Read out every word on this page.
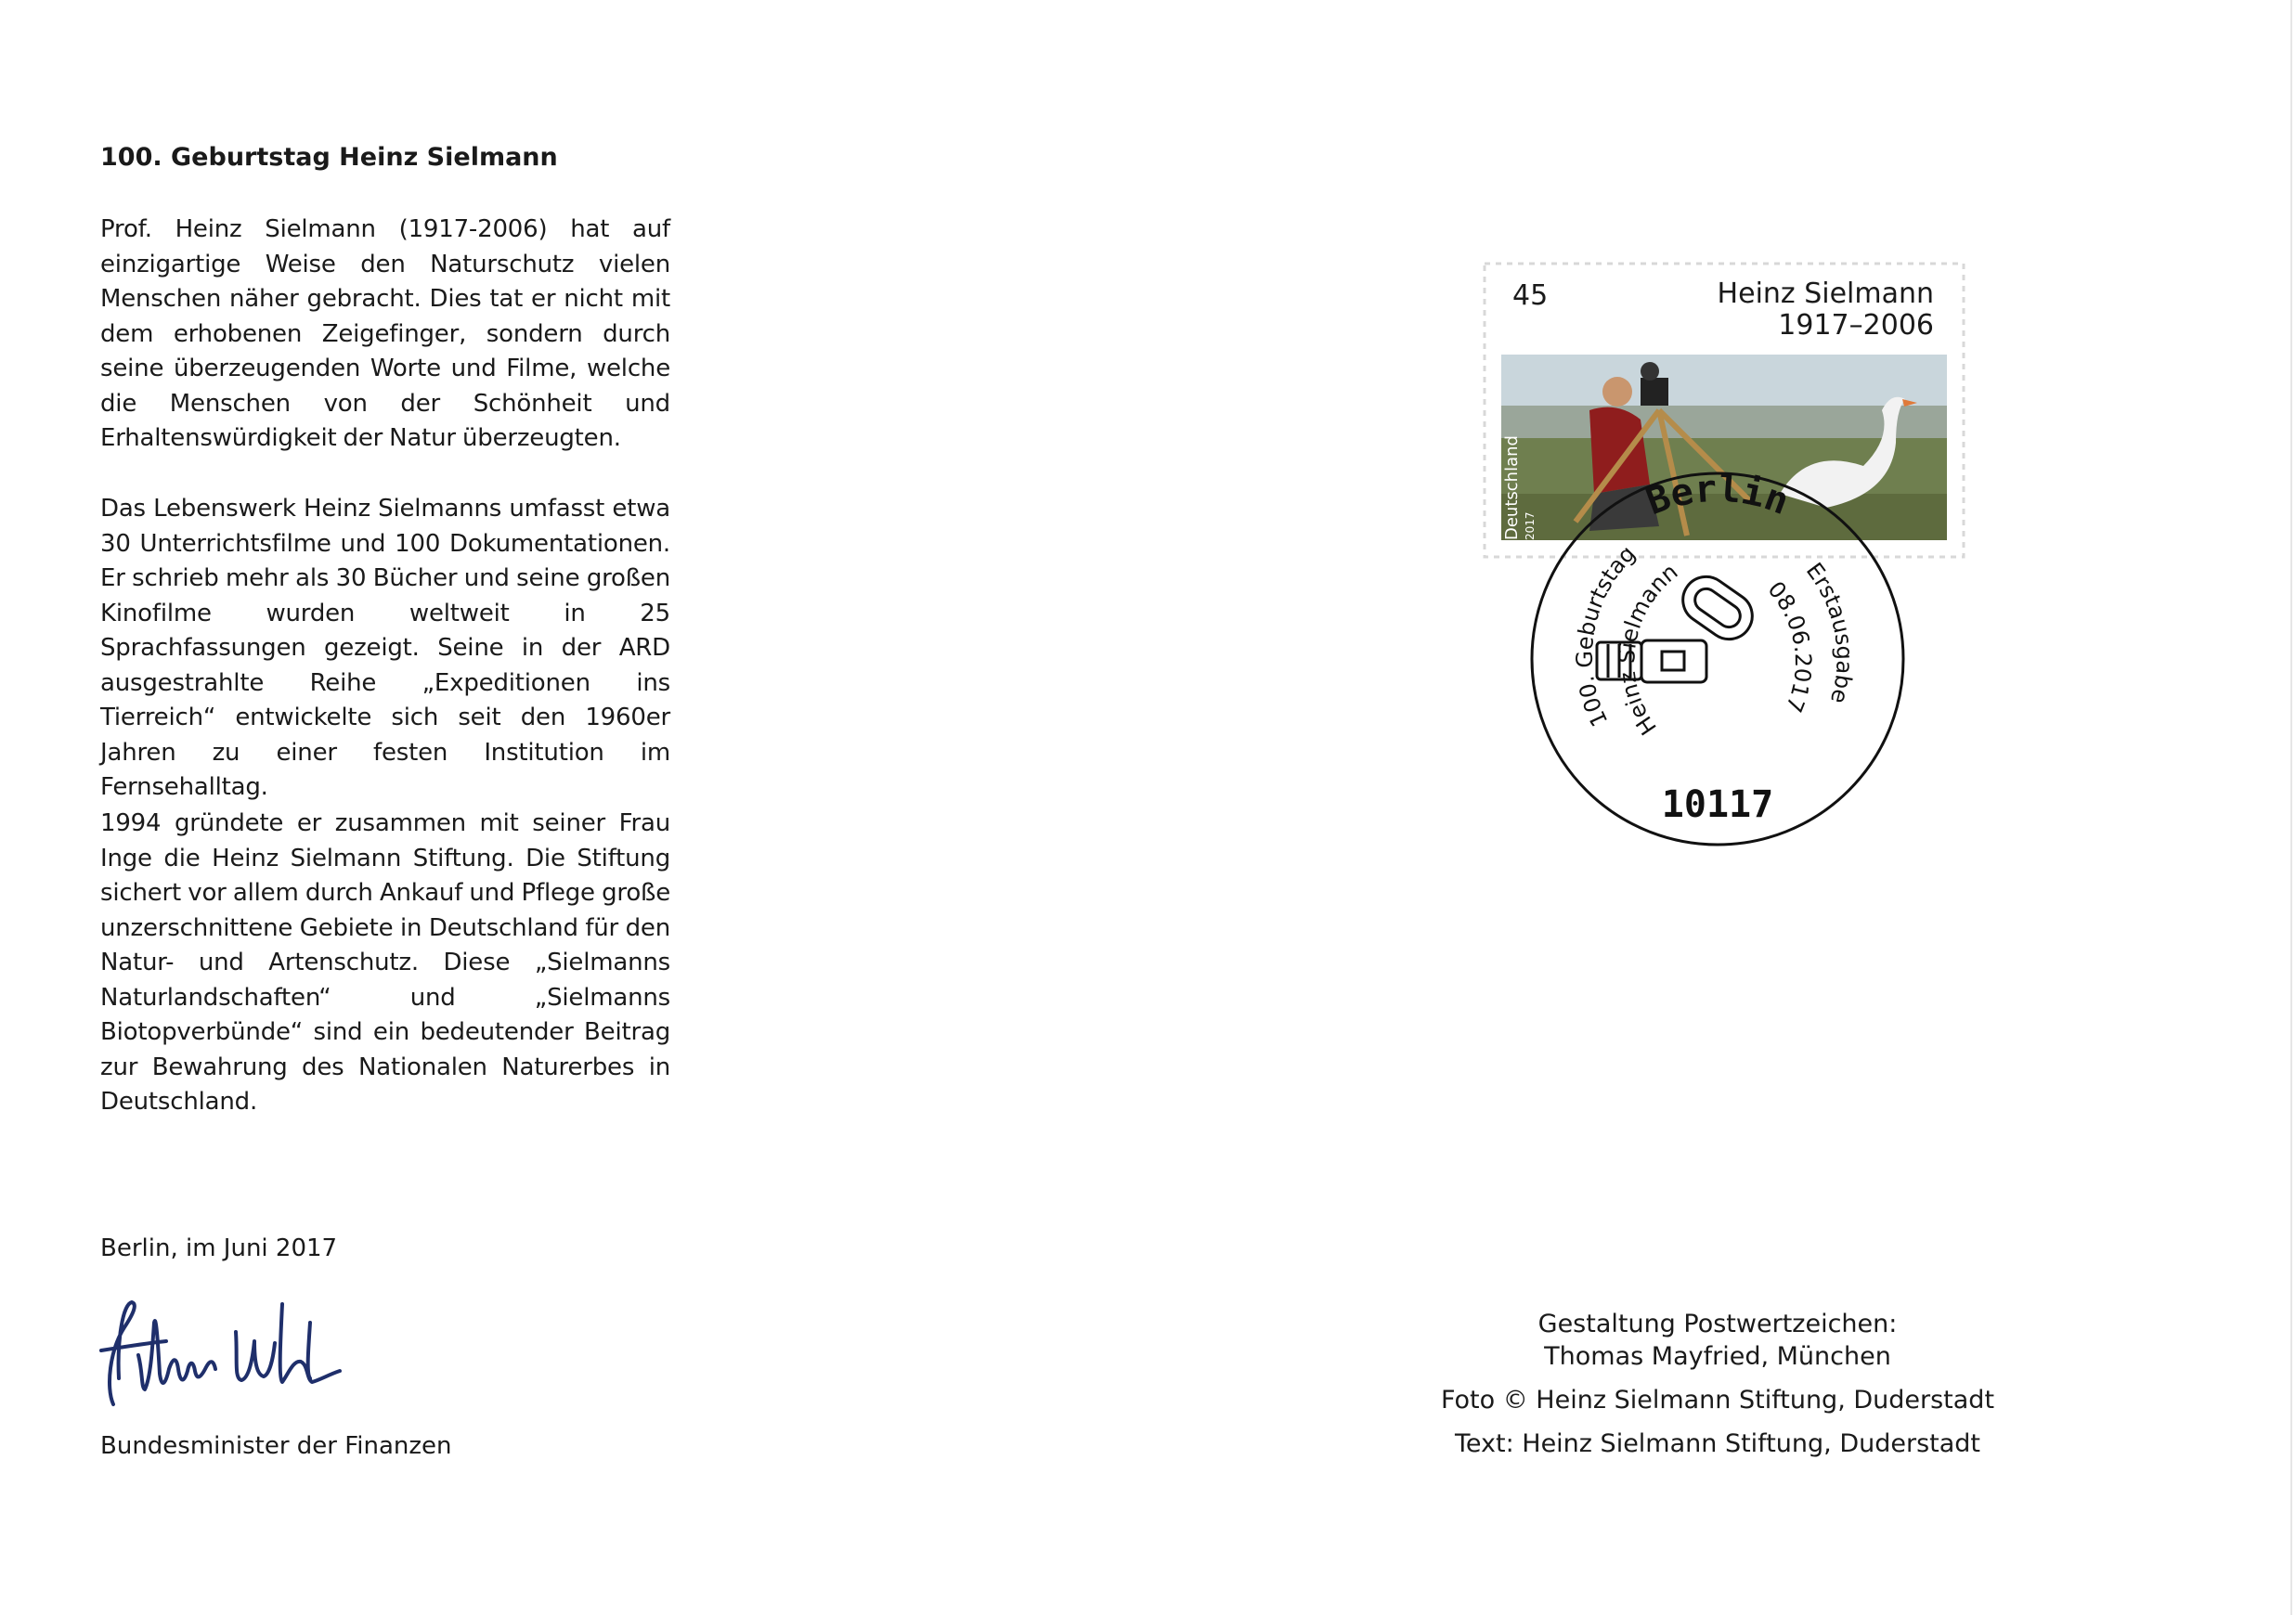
100. Geburtstag Heinz Sielmann
Prof. Heinz Sielmann (1917-2006) hat auf einzigartige Weise den Naturschutz vielen Menschen näher gebracht. Dies tat er nicht mit dem erhobenen Zeigefinger, sondern durch seine überzeugenden Worte und Filme, welche die Menschen von der Schönheit und Erhaltenswürdigkeit der Natur überzeugten.
Das Lebenswerk Heinz Sielmanns umfasst etwa 30 Unterrichtsfilme und 100 Dokumentationen. Er schrieb mehr als 30 Bücher und seine großen Kinofilme wurden weltweit in 25 Sprachfassungen gezeigt. Seine in der ARD ausgestrahlte Reihe „Expeditionen ins Tierreich“ entwickelte sich seit den 1960er Jahren zu einer festen Institution im Fernsehalltag.
1994 gründete er zusammen mit seiner Frau Inge die Heinz Sielmann Stiftung. Die Stiftung sichert vor allem durch Ankauf und Pflege große unzerschnittene Gebiete in Deutschland für den Natur- und Artenschutz. Diese „Sielmanns Naturlandschaften“ und „Sielmanns Biotopverbünde“ sind ein bedeutender Beitrag zur Bewahrung des Nationalen Naturerbes in Deutschland.
Berlin, im Juni 2017
Bundesminister der Finanzen
45	Heinz Sielmann
1917–2006
Deutschland 2017
Berlin
100. Geburtstag
Heinz Sielmann	Erstausgabe
08.06.2017
10117
Gestaltung Postwertzeichen:
Thomas Mayfried, München
Foto © Heinz Sielmann Stiftung, Duderstadt
Text: Heinz Sielmann Stiftung, Duderstadt
